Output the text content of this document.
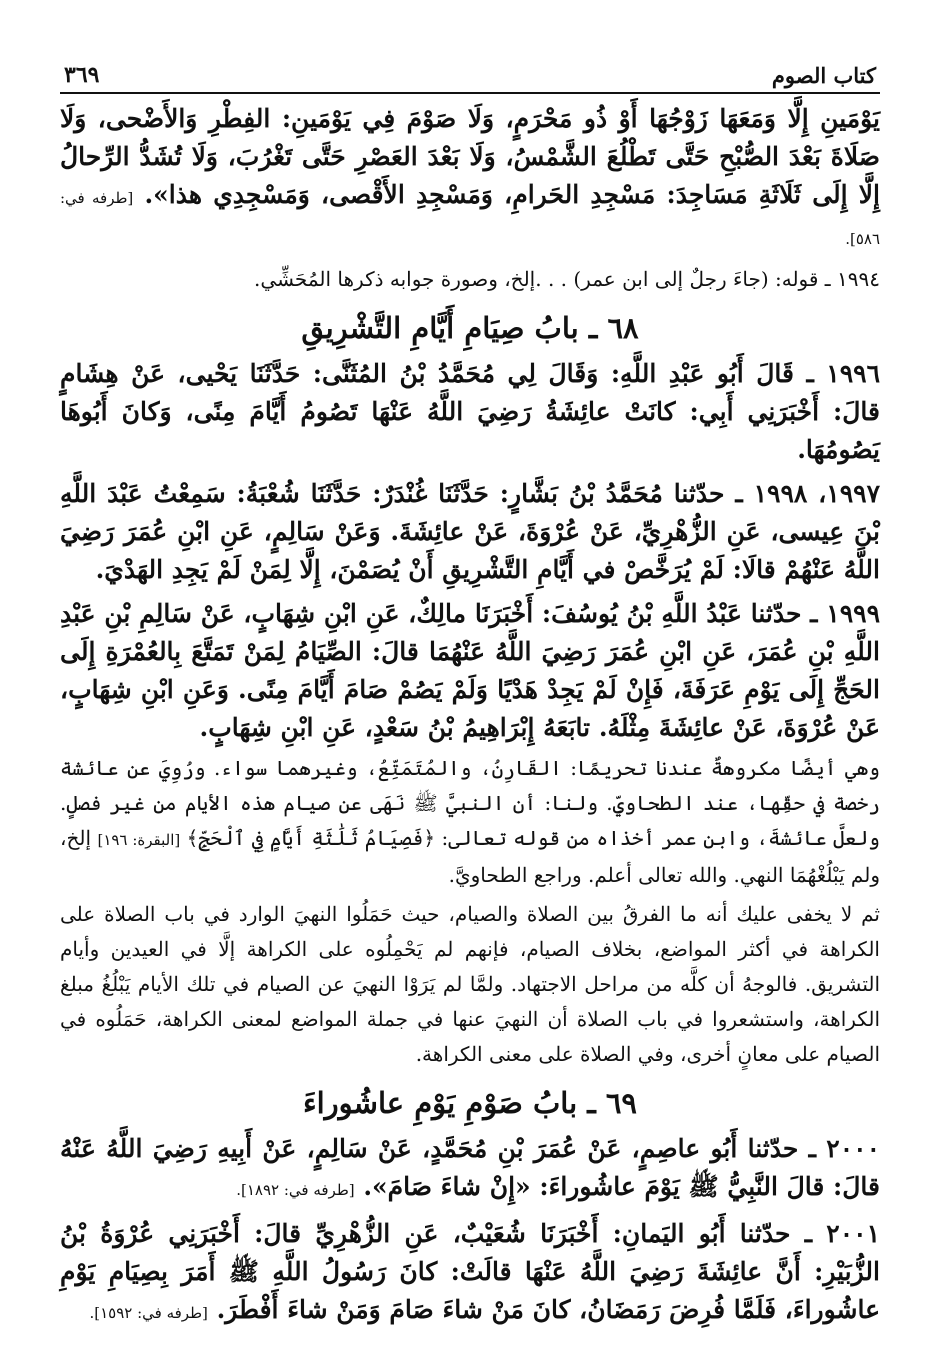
كتاب الصوم
٣٦٩

يَوْمَينِ إِلَّا وَمَعَهَا زَوْجُهَا أَوْ ذُو مَحْرَمٍ، وَلَا صَوْمَ فِي يَوْمَينِ: الفِطْرِ وَالأَضْحى، وَلَا صَلَاةَ بَعْدَ الصُّبْحِ حَتَّى تَطْلُعَ الشَّمْسُ، وَلَا بَعْدَ العَصْرِ حَتَّى تَغْرُبَ، وَلَا تُشَدُّ الرِّحالُ إِلَّا إِلَى ثَلَاثَةِ مَسَاجِدَ: مَسْجِدِ الحَرامِ، وَمَسْجِدِ الأَقْصى، وَمَسْجِدِي هذا». [طرفه في: ٥٨٦].

١٩٩٤ ـ قوله: (جاءَ رجلٌ إلى ابن عمر) . . .إلخ، وصورة جوابه ذكرها المُحَشِّي.

٦٨ ـ بابُ صِيَامِ أَيَّامِ التَّشْرِيقِ

١٩٩٦ ـ قَالَ أَبُو عَبْدِ اللَّهِ: وَقَالَ لِي مُحَمَّدُ بْنُ المُثَنَّى: حَدَّثَنَا يَحْيى، عَنْ هِشَامٍ قالَ: أَخْبَرَنِي أَبِي: كانَتْ عائِشَةُ رَضِيَ اللَّهُ عَنْهَا تَصُومُ أَيَّامَ مِنًى، وَكانَ أَبُوهَا يَصُومُهَا.

١٩٩٧، ١٩٩٨ ـ حدّثنا مُحَمَّدُ بْنُ بَشَّارٍ: حَدَّثَنَا غُنْدَرٌ: حَدَّثَنَا شُعْبَةُ: سَمِعْتُ عَبْدَ اللَّهِ بْنَ عِيسى، عَنِ الزُّهْرِيِّ، عَنْ عُرْوَةَ، عَنْ عائِشَةَ. وَعَنْ سَالِمٍ، عَنِ ابْنِ عُمَرَ رَضِيَ اللَّهُ عَنْهُمْ قالَا: لَمْ يُرَخَّصْ في أَيَّامِ التَّشْرِيقِ أَنْ يُصَمْنَ، إِلَّا لِمَنْ لَمْ يَجِدِ الهَدْيَ.

١٩٩٩ ـ حدّثنا عَبْدُ اللَّهِ بْنُ يُوسُفَ: أَخْبَرَنَا مالِكٌ، عَنِ ابْنِ شِهَابٍ، عَنْ سَالِمِ بْنِ عَبْدِ اللَّهِ بْنِ عُمَرَ، عَنِ ابْنِ عُمَرَ رَضِيَ اللَّهُ عَنْهُمَا قالَ: الصِّيَامُ لِمَنْ تَمَتَّعَ بِالعُمْرَةِ إِلَى الحَجِّ إِلَى يَوْمِ عَرَفَةَ، فَإِنْ لَمْ يَجِدْ هَدْيًا وَلَمْ يَصُمْ صَامَ أَيَّامَ مِنًى. وَعَنِ ابْنِ شِهَابٍ، عَنْ عُرْوَةَ، عَنْ عائِشَةَ مِثْلَهُ. تابَعَهُ إِبْرَاهِيمُ بْنُ سَعْدٍ، عَنِ ابْنِ شِهَابٍ.

وهي أيضًا مكروهةٌ عندنا تحريمًا: القَارِنُ، والمُتَمَتِّعُ، وغيرهما سواء. ورُوِيَ عن عائشة رخصة في حقِّها، عند الطحاويِّ. ولنا: أن النبيَّ ﷺ نَهَى عن صيام هذه الأيام من غير فصلٍ. ولعلَّ عائشةَ، وابن عمر أخذاه من قوله تعالى: ﴿فَصِيَامُ ثَلَٰثَةِ أَيَّامٍ فِي ٱلْحَجِّ﴾ [البقرة: ١٩٦] إلخ، ولم يَبْلُغْهُمَا النهي. والله تعالى أعلم. وراجع الطحاويَّ.

ثم لا يخفى عليك أنه ما الفرقُ بين الصلاة والصيام، حيث حَمَلُوا النهيَ الوارد في باب الصلاة على الكراهة في أكثر المواضع، بخلاف الصيام، فإنهم لم يَحْمِلُوه على الكراهة إلَّا في العيدين وأيام التشريق. فالوجهُ أن كلَّه من مراحل الاجتهاد. ولمَّا لم يَرَوْا النهيَ عن الصيام في تلك الأيام يَبْلُغُ مبلغ الكراهة، واستشعروا في باب الصلاة أن النهيَ عنها في جملة المواضع لمعنى الكراهة، حَمَلُوه في الصيام على معانٍ أخرى، وفي الصلاة على معنى الكراهة.

٦٩ ـ بابُ صَوْمِ يَوْمِ عاشُوراءَ

٢٠٠٠ ـ حدّثنا أَبُو عاصِمٍ، عَنْ عُمَرَ بْنِ مُحَمَّدٍ، عَنْ سَالِمٍ، عَنْ أَبِيهِ رَضِيَ اللَّهُ عَنْهُ قالَ: قالَ النَّبِيُّ ﷺ يَوْمَ عاشُوراءَ: «إِنْ شاءَ صَامَ». [طرفه في: ١٨٩٢].

٢٠٠١ ـ حدّثنا أَبُو اليَمانِ: أَخْبَرَنَا شُعَيْبٌ، عَنِ الزُّهْرِيِّ قالَ: أَخْبَرَنِي عُرْوَةُ بْنُ الزُّبَيْرِ: أَنَّ عائِشَةَ رَضِيَ اللَّهُ عَنْهَا قالَتْ: كانَ رَسُولُ اللَّهِ ﷺ أَمَرَ بِصِيَامِ يَوْمِ عاشُوراءَ، فَلَمَّا فُرِضَ رَمَضَانُ، كانَ مَنْ شاءَ صَامَ وَمَنْ شاءَ أَفْطَرَ. [طرفه في: ١٥٩٢].
